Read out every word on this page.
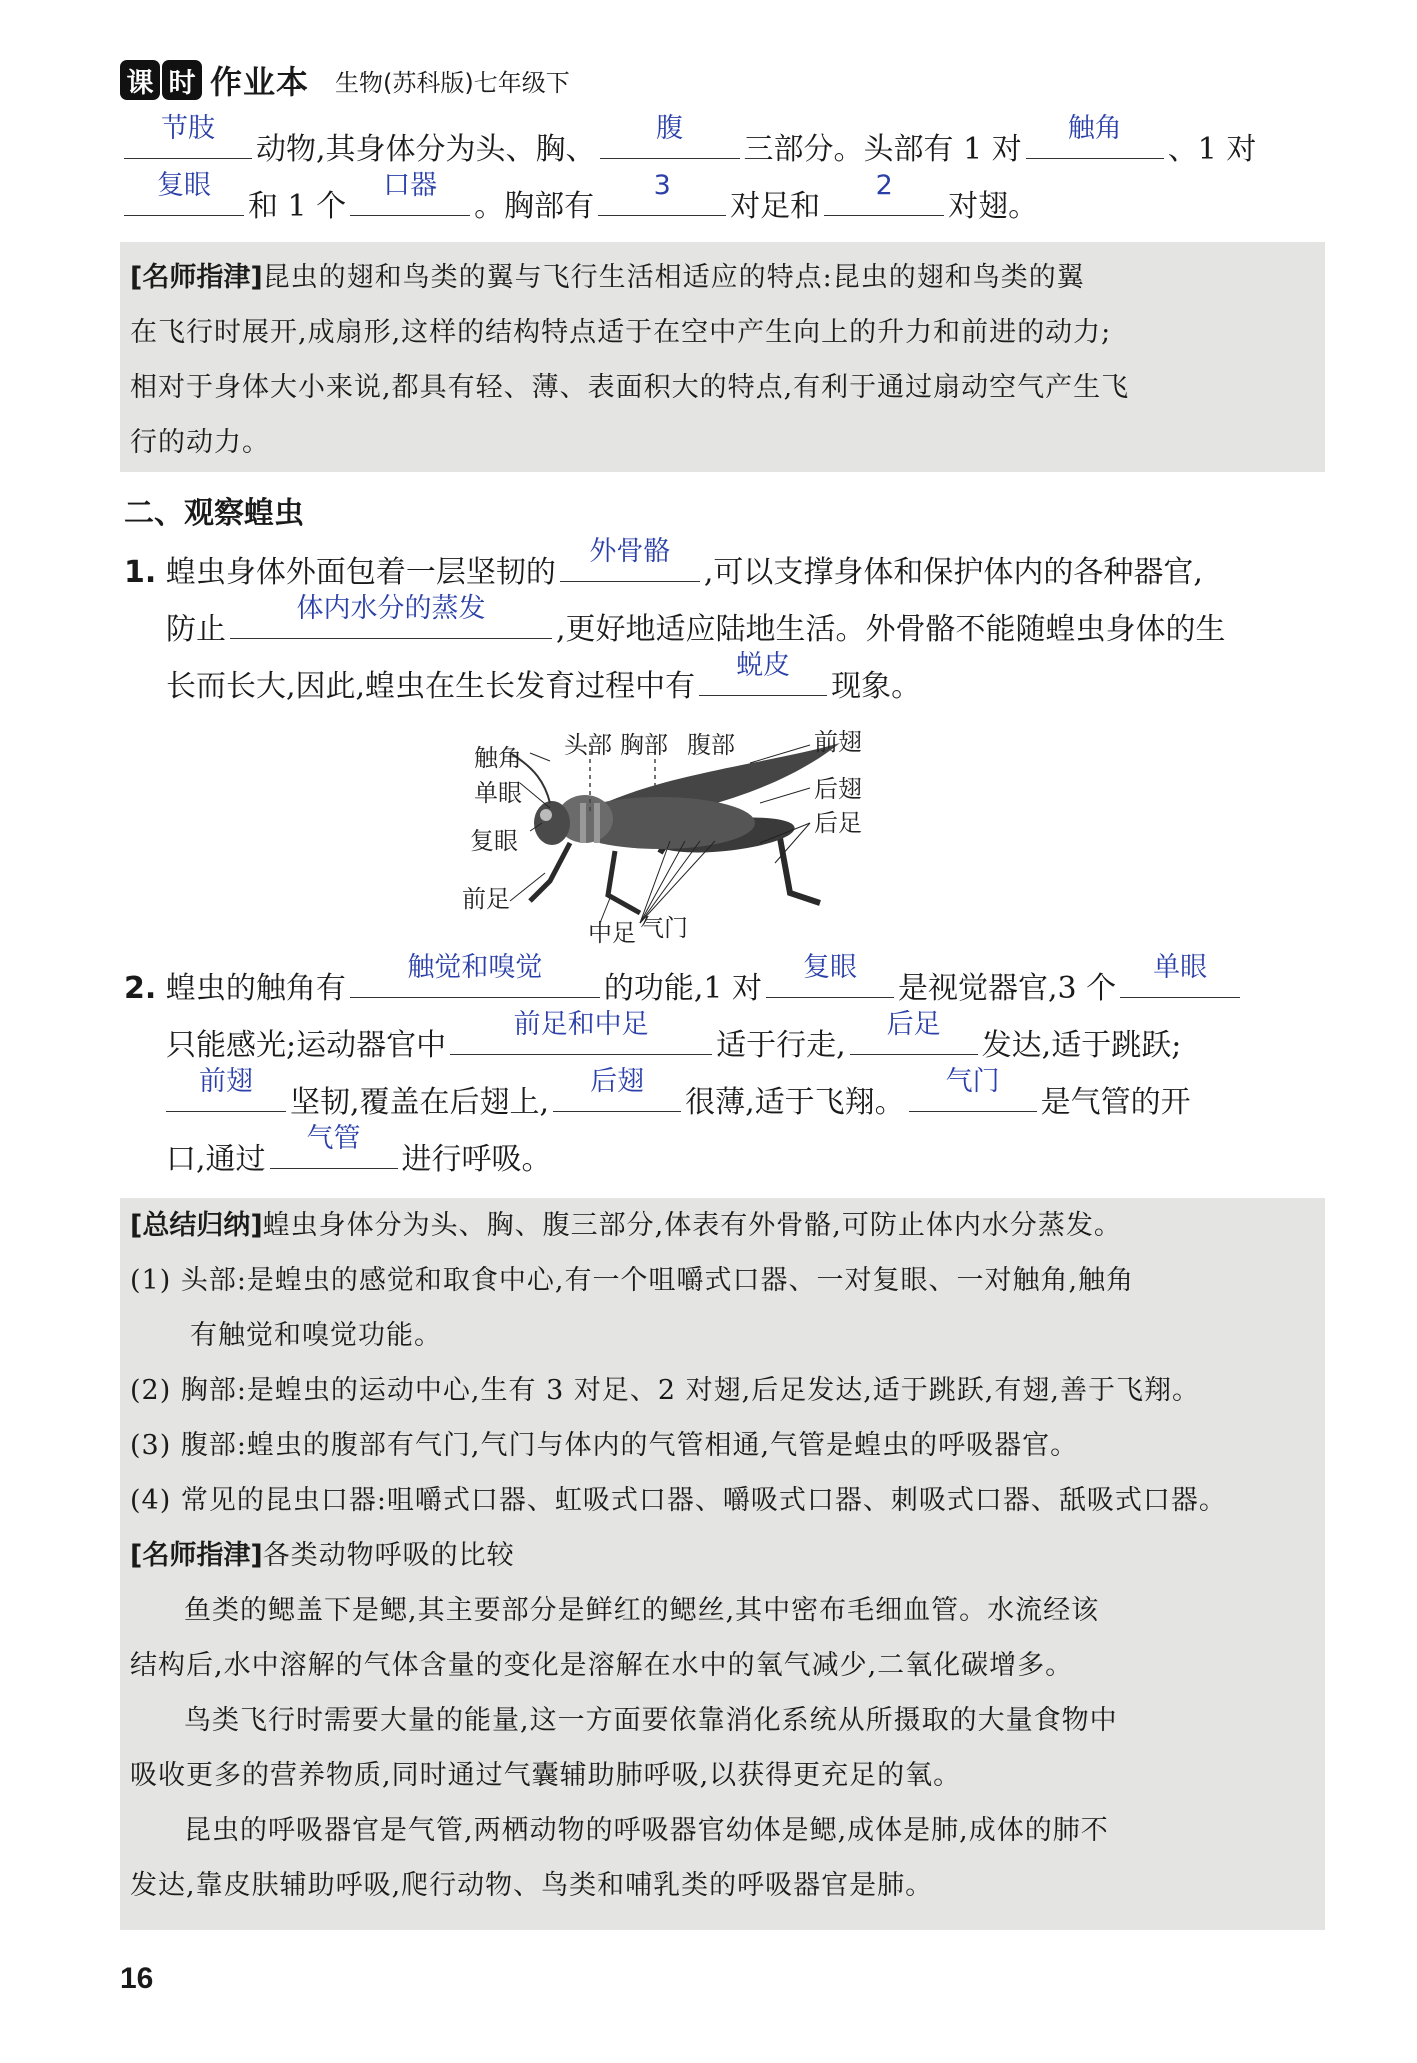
课 时 作业本 生物(苏科版)七年级下
节肢
动物,其身体分为头、胸、
腹
三部分。头部有 1 对
触角
、1 对
复眼
和 1 个
口器
。胸部有
3
对足和
2
对翅。
[名师指津]昆虫的翅和鸟类的翼与飞行生活相适应的特点:昆虫的翅和鸟类的翼
在飞行时展开,成扇形,这样的结构特点适于在空中产生向上的升力和前进的动力;
相对于身体大小来说,都具有轻、薄、表面积大的特点,有利于通过扇动空气产生飞
行的动力。
二、观察蝗虫
1. 蝗虫身体外面包着一层坚韧的
外骨骼
,可以支撑身体和保护体内的各种器官,
防止
体内水分的蒸发
,更好地适应陆地生活。外骨骼不能随蝗虫身体的生
长而长大,因此,蝗虫在生长发育过程中有
蜕皮
现象。
触角
单眼
复眼
前足
头部 胸部 腹部	前翅
后翅
后足
中足 气门
2. 蝗虫的触角有
触觉和嗅觉
的功能,1 对
复眼
是视觉器官,3 个
单眼
只能感光;运动器官中
前足和中足
适于行走,
后足
发达,适于跳跃;
前翅
坚韧,覆盖在后翅上,
后翅
很薄,适于飞翔。
气门
是气管的开
口,通过
气管
进行呼吸。
[总结归纳]蝗虫身体分为头、胸、腹三部分,体表有外骨骼,可防止体内水分蒸发。
(1) 头部:是蝗虫的感觉和取食中心,有一个咀嚼式口器、一对复眼、一对触角,触角
有触觉和嗅觉功能。
(2) 胸部:是蝗虫的运动中心,生有 3 对足、2 对翅,后足发达,适于跳跃,有翅,善于飞翔。
(3) 腹部:蝗虫的腹部有气门,气门与体内的气管相通,气管是蝗虫的呼吸器官。
(4) 常见的昆虫口器:咀嚼式口器、虹吸式口器、嚼吸式口器、刺吸式口器、舐吸式口器。
[名师指津]各类动物呼吸的比较
鱼类的鳃盖下是鳃,其主要部分是鲜红的鳃丝,其中密布毛细血管。水流经该
结构后,水中溶解的气体含量的变化是溶解在水中的氧气减少,二氧化碳增多。
鸟类飞行时需要大量的能量,这一方面要依靠消化系统从所摄取的大量食物中
吸收更多的营养物质,同时通过气囊辅助肺呼吸,以获得更充足的氧。
昆虫的呼吸器官是气管,两栖动物的呼吸器官幼体是鳃,成体是肺,成体的肺不
发达,靠皮肤辅助呼吸,爬行动物、鸟类和哺乳类的呼吸器官是肺。
16
